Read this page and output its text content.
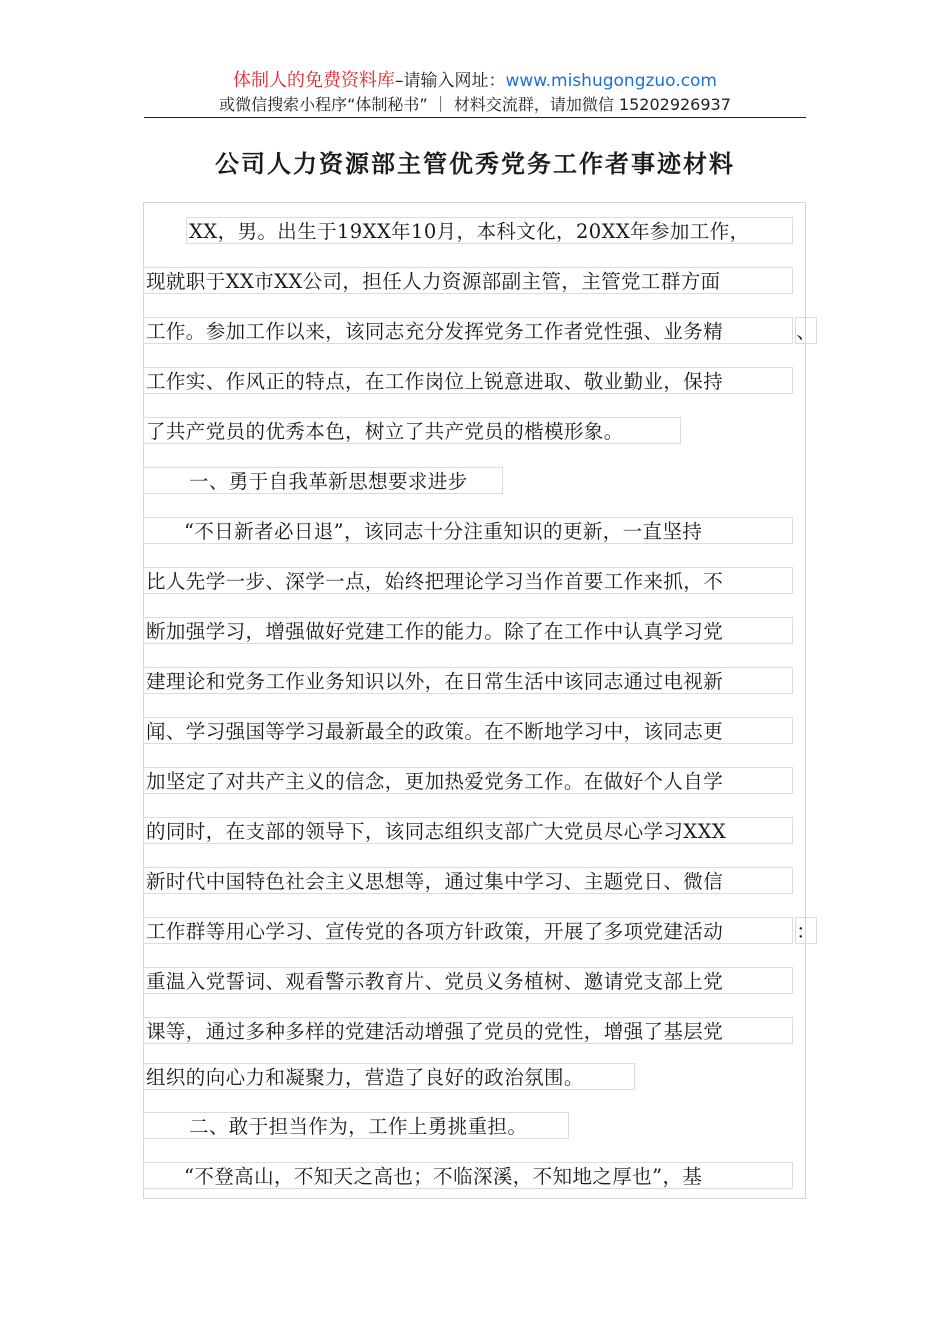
体制人的免费资料库–请输入网址：www.mishugongzuo.com
或微信搜索小程序“体制秘书” ｜ 材料交流群，请加微信 15202926937
公司人力资源部主管优秀党务工作者事迹材料
XX，男。出生于19XX年10月，本科文化，20XX年参加工作，
现就职于XX市XX公司，担任人力资源部副主管，主管党工群方面
工作。参加工作以来，该同志充分发挥党务工作者党性强、业务精	、
工作实、作风正的特点，在工作岗位上锐意进取、敬业勤业，保持
了共产党员的优秀本色，树立了共产党员的楷模形象。
一、勇于自我革新思想要求进步
“不日新者必日退”，该同志十分注重知识的更新，一直坚持
比人先学一步、深学一点，始终把理论学习当作首要工作来抓，不
断加强学习，增强做好党建工作的能力。除了在工作中认真学习党
建理论和党务工作业务知识以外，在日常生活中该同志通过电视新
闻、学习强国等学习最新最全的政策。在不断地学习中，该同志更
加坚定了对共产主义的信念，更加热爱党务工作。在做好个人自学
的同时，在支部的领导下，该同志组织支部广大党员尽心学习XXX
新时代中国特色社会主义思想等，通过集中学习、主题党日、微信
工作群等用心学习、宣传党的各项方针政策，开展了多项党建活动	：
重温入党誓词、观看警示教育片、党员义务植树、邀请党支部上党
课等，通过多种多样的党建活动增强了党员的党性，增强了基层党
组织的向心力和凝聚力，营造了良好的政治氛围。
二、敢于担当作为，工作上勇挑重担。
“不登高山，不知天之高也；不临深溪，不知地之厚也”，基
